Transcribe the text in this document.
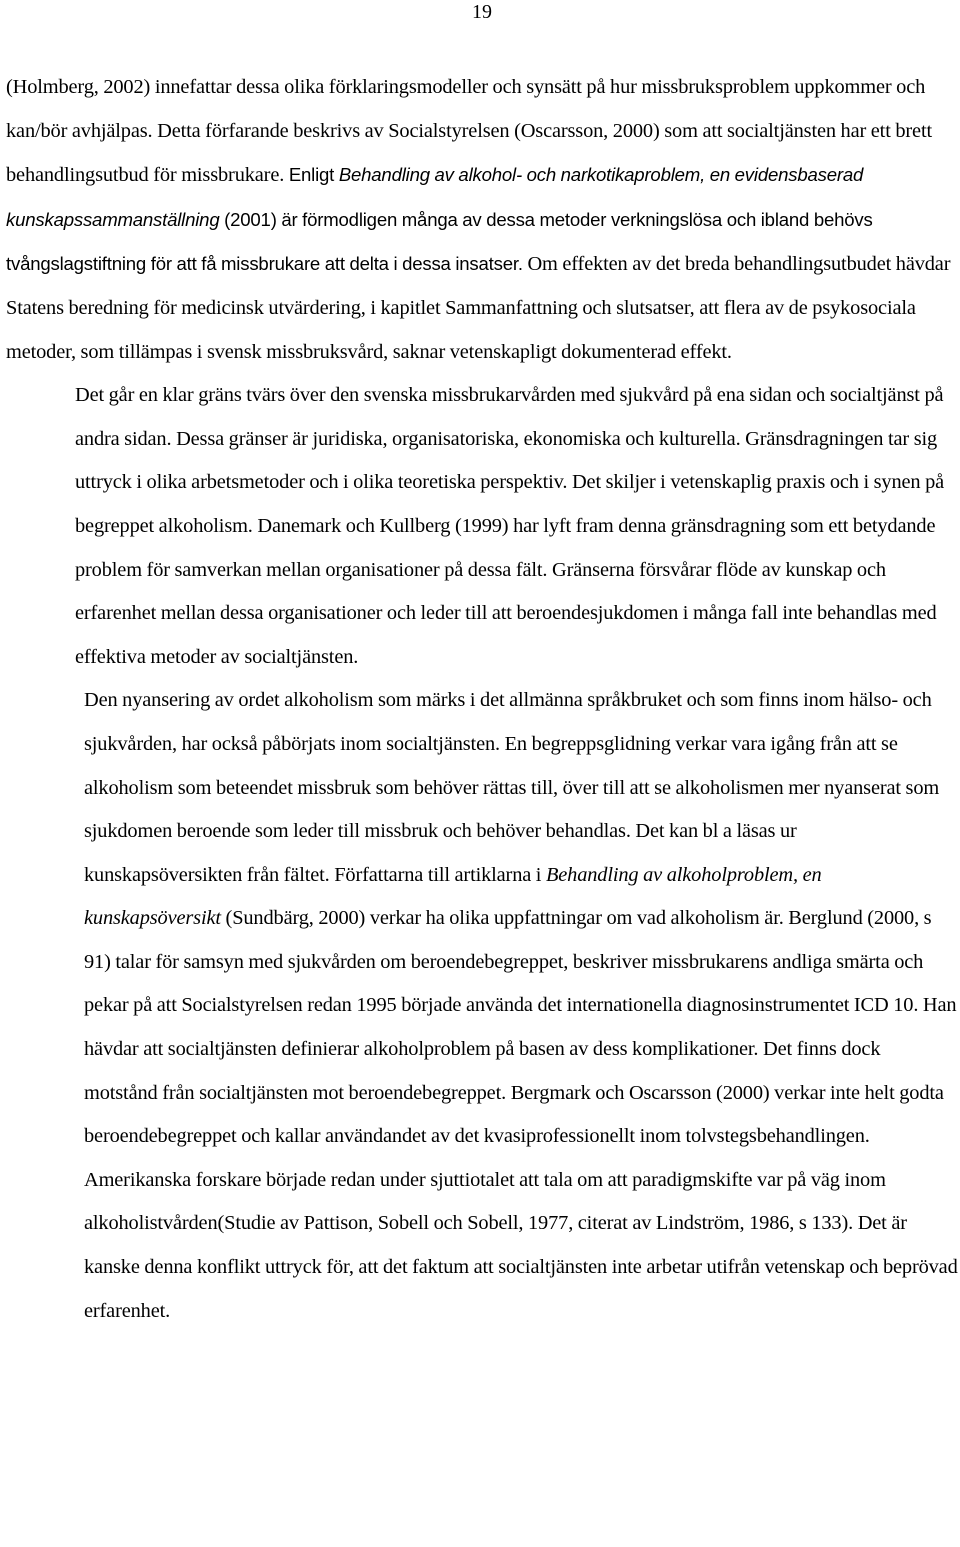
19

(Holmberg, 2002) innefattar dessa olika förklaringsmodeller och synsätt på hur missbruksproblem uppkommer och kan/bör avhjälpas. Detta förfarande beskrivs av Socialstyrelsen (Oscarsson, 2000) som att socialtjänsten har ett brett behandlingsutbud för missbrukare. Enligt Behandling av alkohol- och narkotikaproblem, en evidensbaserad kunskapssammanställning (2001) är förmodligen många av dessa metoder verkningslösa och ibland behövs tvångslagstiftning för att få missbrukare att delta i dessa insatser. Om effekten av det breda behandlingsutbudet hävdar Statens beredning för medicinsk utvärdering, i kapitlet Sammanfattning och slutsatser, att flera av de psykosociala metoder, som tillämpas i svensk missbruksvård, saknar vetenskapligt dokumenterad effekt.

Det går en klar gräns tvärs över den svenska missbrukarvården med sjukvård på ena sidan och socialtjänst på andra sidan. Dessa gränser är juridiska, organisatoriska, ekonomiska och kulturella. Gränsdragningen tar sig uttryck i olika arbetsmetoder och i olika teoretiska perspektiv. Det skiljer i vetenskaplig praxis och i synen på begreppet alkoholism. Danemark och Kullberg (1999) har lyft fram denna gränsdragning som ett betydande problem för samverkan mellan organisationer på dessa fält. Gränserna försvårar flöde av kunskap och erfarenhet mellan dessa organisationer och leder till att beroendesjukdomen i många fall inte behandlas med effektiva metoder av socialtjänsten.

Den nyansering av ordet alkoholism som märks i det allmänna språkbruket och som finns inom hälso- och sjukvården, har också påbörjats inom socialtjänsten. En begreppsglidning verkar vara igång från att se alkoholism som beteendet missbruk som behöver rättas till, över till att se alkoholismen mer nyanserat som sjukdomen beroende som leder till missbruk och behöver behandlas. Det kan bl a läsas ur kunskapsöversikten från fältet. Författarna till artiklarna i Behandling av alkoholproblem, en kunskapsöversikt (Sundbärg, 2000) verkar ha olika uppfattningar om vad alkoholism är. Berglund (2000, s 91) talar för samsyn med sjukvården om beroendebegreppet, beskriver missbrukarens andliga smärta och pekar på att Socialstyrelsen redan 1995 började använda det internationella diagnosinstrumentet ICD 10. Han hävdar att socialtjänsten definierar alkoholproblem på basen av dess komplikationer. Det finns dock motstånd från socialtjänsten mot beroendebegreppet. Bergmark och Oscarsson (2000) verkar inte helt godta beroendebegreppet och kallar användandet av det kvasiprofessionellt inom tolvstegsbehandlingen. Amerikanska forskare började redan under sjuttiotalet att tala om att paradigmskifte var på väg inom alkoholistvården(Studie av Pattison, Sobell och Sobell, 1977, citerat av Lindström, 1986, s 133). Det är kanske denna konflikt uttryck för, att det faktum att socialtjänsten inte arbetar utifrån vetenskap och beprövad erfarenhet.
